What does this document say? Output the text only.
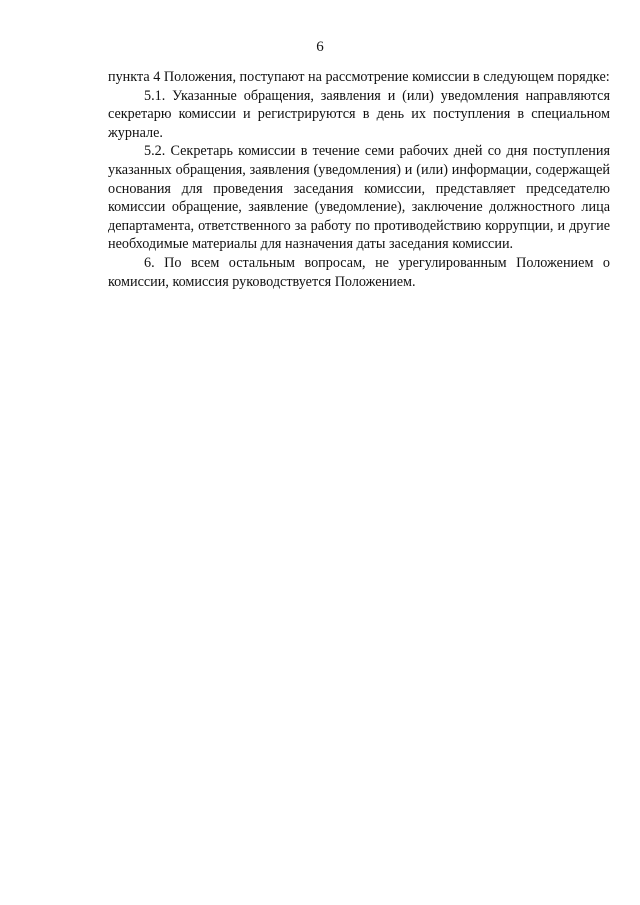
6

пункта 4 Положения, поступают на рассмотрение комиссии в следующем порядке:

5.1. Указанные обращения, заявления и (или) уведомления направляются секретарю комиссии и регистрируются в день их поступления в специальном журнале.

5.2. Секретарь комиссии в течение семи рабочих дней со дня поступления указанных обращения, заявления (уведомления) и (или) информации, содержащей основания для проведения заседания комиссии, представляет председателю комиссии обращение, заявление (уведомление), заключение должностного лица департамента, ответственного за работу по противодействию коррупции, и другие необходимые материалы для назначения даты заседания комиссии.

6. По всем остальным вопросам, не урегулированным Положением о комиссии, комиссия руководствуется Положением.
